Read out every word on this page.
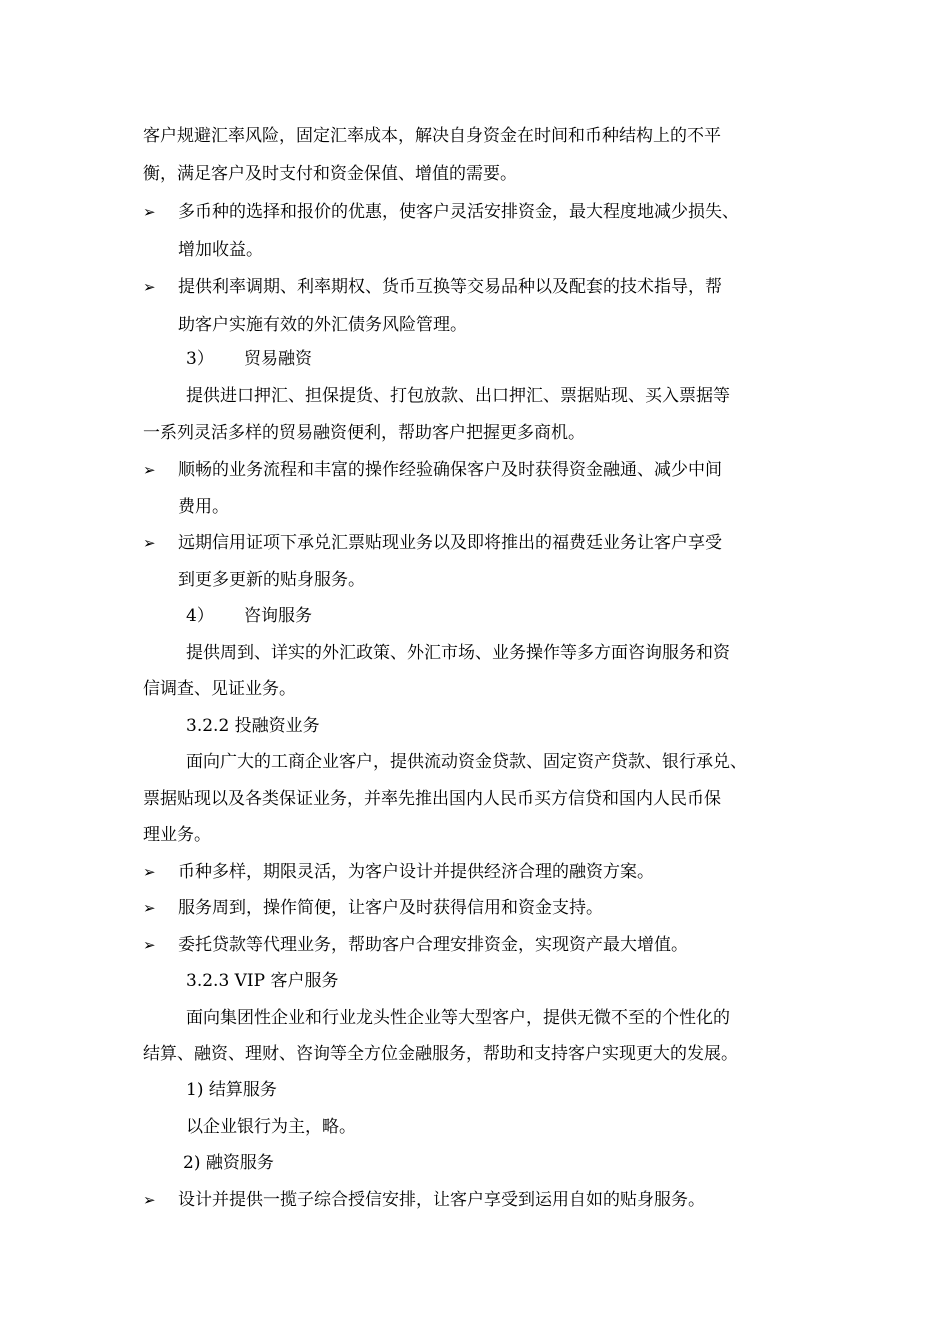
客户规避汇率风险，固定汇率成本，解决自身资金在时间和币种结构上的不平
衡，满足客户及时支付和资金保值、增值的需要。
➢	多币种的选择和报价的优惠，使客户灵活安排资金，最大程度地减少损失、
增加收益。
➢	提供利率调期、利率期权、货币互换等交易品种以及配套的技术指导，帮
助客户实施有效的外汇债务风险管理。
3） 贸易融资
提供进口押汇、担保提货、打包放款、出口押汇、票据贴现、买入票据等
一系列灵活多样的贸易融资便利，帮助客户把握更多商机。
➢	顺畅的业务流程和丰富的操作经验确保客户及时获得资金融通、减少中间
费用。
➢	远期信用证项下承兑汇票贴现业务以及即将推出的福费廷业务让客户享受
到更多更新的贴身服务。
4） 咨询服务
提供周到、详实的外汇政策、外汇市场、业务操作等多方面咨询服务和资
信调查、见证业务。
3.2.2 投融资业务
面向广大的工商企业客户，提供流动资金贷款、固定资产贷款、银行承兑、
票据贴现以及各类保证业务，并率先推出国内人民币买方信贷和国内人民币保
理业务。
➢	币种多样，期限灵活，为客户设计并提供经济合理的融资方案。
➢	服务周到，操作简便，让客户及时获得信用和资金支持。
➢	委托贷款等代理业务，帮助客户合理安排资金，实现资产最大增值。
3.2.3 VIP 客户服务
面向集团性企业和行业龙头性企业等大型客户，提供无微不至的个性化的
结算、融资、理财、咨询等全方位金融服务，帮助和支持客户实现更大的发展。
1) 结算服务
以企业银行为主，略。
2) 融资服务
➢	设计并提供一揽子综合授信安排，让客户享受到运用自如的贴身服务。
